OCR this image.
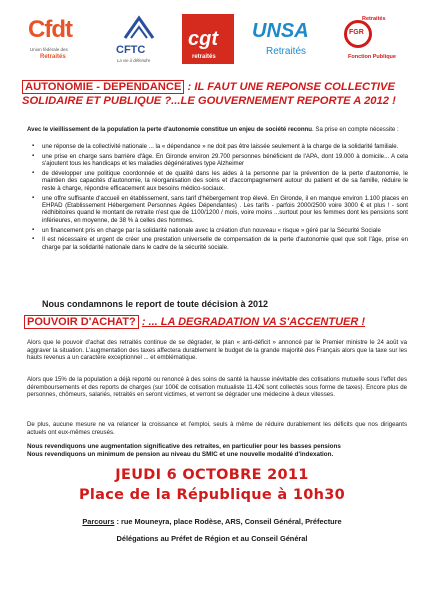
Cfdt
Union fédérale des
Retraités
CFTC
La vie à défendre
cgt
retraités
UNSA
Retraités
Retraités
FGR
Fonction Publique
AUTONOMIE - DEPENDANCE : IL FAUT UNE REPONSE COLLECTIVE SOLIDAIRE ET PUBLIQUE ?...LE GOUVERNEMENT REPORTE A 2012 !
Avec le vieillissement de la population la perte d'autonomie constitue un enjeu de société reconnu. Sa prise en compte nécessite :
▪ une réponse de la collectivité nationale ... la « dépendance » ne doit pas être laissée seulement à la charge de la solidarité familiale.
▪ une prise en charge sans barrière d'âge. En Gironde environ 29.700 personnes bénéficient de l'APA, dont 19.000 à domicile... A cela s'ajoutent tous les handicaps et les maladies dégénératives type Alzheimer
▪ de développer une politique coordonnée et de qualité dans les aides à la personne par la prévention de la perte d'autonomie, le maintien des capacités d'autonomie, la réorganisation des soins et d'accompagnement autour du patient et de sa famille, réduire le reste à charge, répondre efficacement aux besoins médico-sociaux.
▪ une offre suffisante d'accueil en établissement, sans tarif d'hébergement trop élevé. En Gironde, il en manque environ 1.100 places en EHPAD (Etablissement Hébergement Personnes Agées Dépendantes) . Les tarifs - parfois 2000/2500 voire 3000 € et plus ! - sont rédhibitoires quand le montant de retraite n'est que de 1100/1200 / mois, voire moins ...surtout pour les femmes dont les pensions sont inférieures, en moyenne, de 38 % à celles des hommes.
▪ un financement pris en charge par la solidarité nationale avec la création d'un nouveau « risque » géré par la Sécurité Sociale
▪ Il est nécessaire et urgent de créer une prestation universelle de compensation de la perte d'autonomie quel que soit l'âge, prise en charge par la solidarité nationale dans le cadre de la sécurité sociale.
Nous condamnons le report de toute décision à 2012
POUVOIR D'ACHAT? : ... LA DEGRADATION VA S'ACCENTUER !
Alors que le pouvoir d'achat des retraités continue de se dégrader, le plan « anti-déficit » annoncé par le Premier ministre le 24 août va aggraver la situation. L'augmentation des taxes affectera durablement le budget de la grande majorité des Français alors que la taxe sur les hauts revenus a un caractère exceptionnel ... et emblématique.
Alors que 15% de la population a déjà reporté ou renoncé à des soins de santé la hausse inévitable des cotisations mutuelle sous l'effet des déremboursements et des reports de charges (sur 100€ de cotisation mutualiste 11.42€ sont collectés sous forme de taxes). Encore plus de personnes, chômeurs, salariés, retraités en seront victimes, et verront se dégrader une médecine à deux vitesses.
De plus, aucune mesure ne va relancer la croissance et l'emploi, seuls à même de réduire durablement les déficits que nos dirigeants actuels ont eux-mêmes creusés.
Nous revendiquons une augmentation significative des retraites, en particulier pour les basses pensions
Nous revendiquons un minimum de pension au niveau du SMIC et une nouvelle modalité d'indexation.
JEUDI 6 OCTOBRE 2011
Place de la République à 10h30
Parcours : rue Mouneyra, place Rodèse, ARS, Conseil Général, Préfecture
Délégations au Préfet de Région et au Conseil Général
